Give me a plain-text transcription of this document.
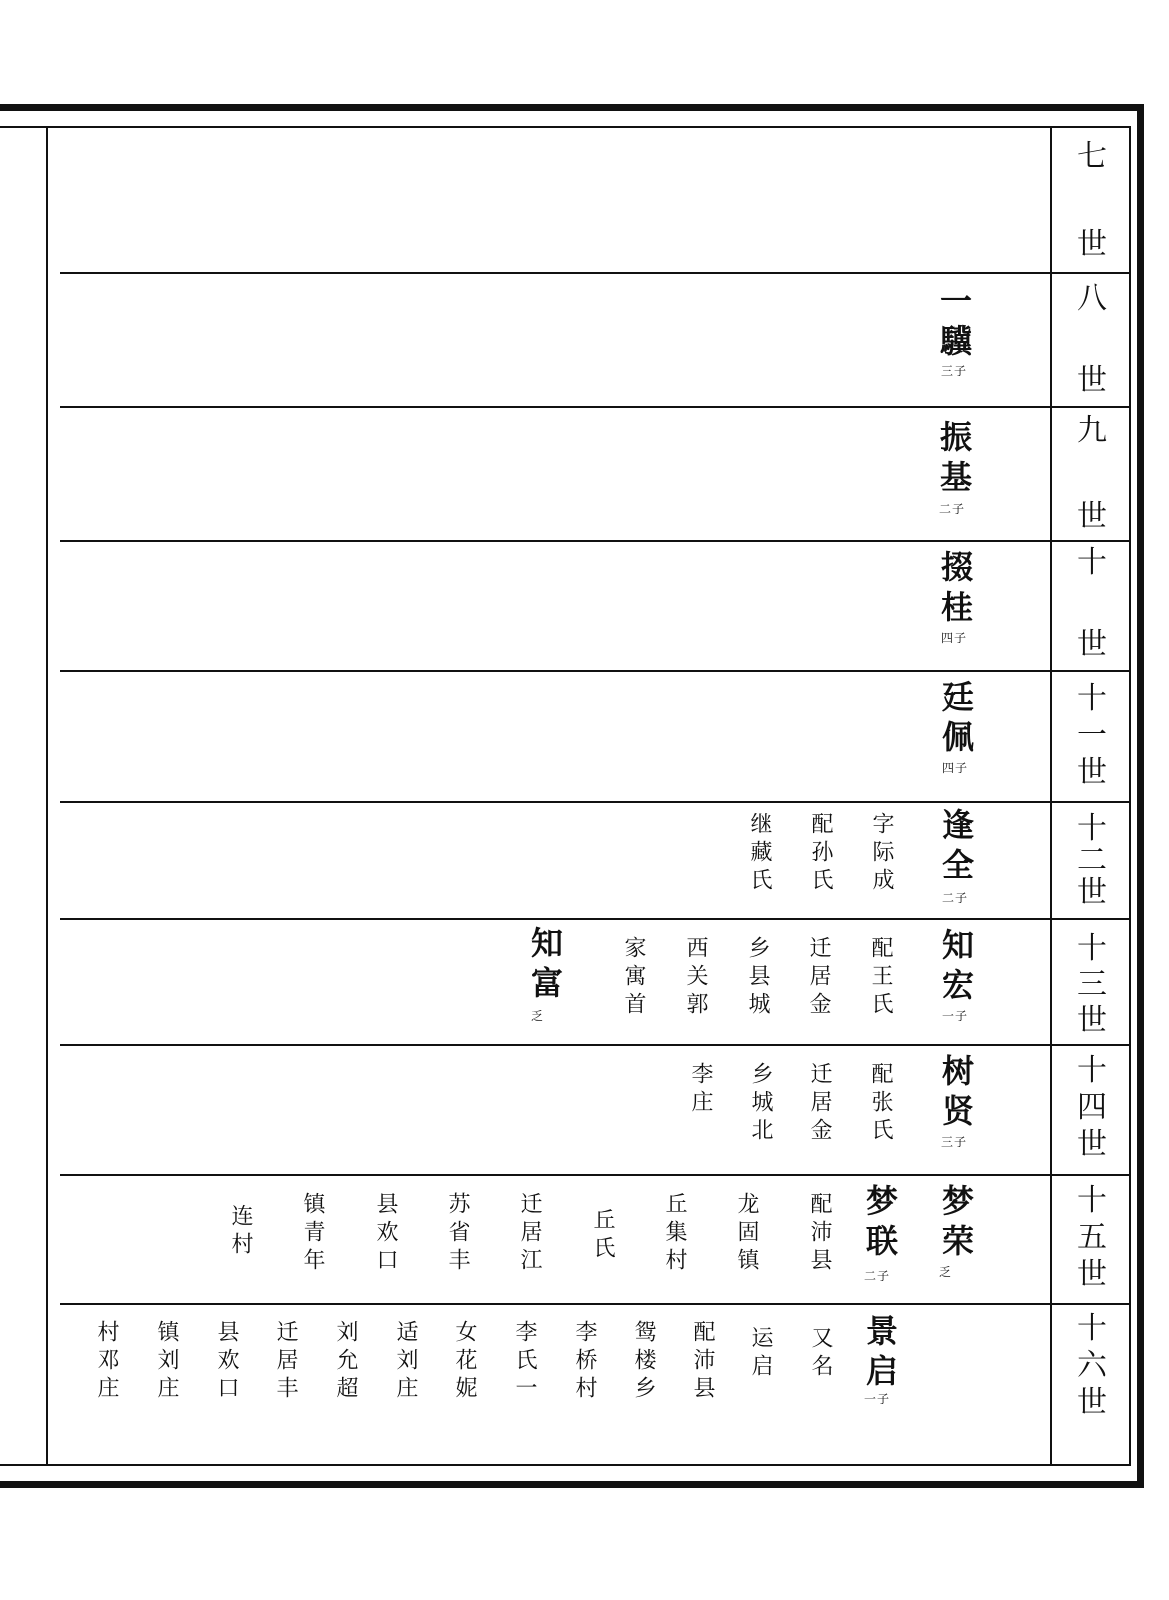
七
世
八
世
九
世
十
世
十
一
世
十
二
世
十
三
世
十
四
世
十
五
世
十
六
世
一驥
三子
振基
二子
掇桂
四子
廷佩
四子
逢全
二子
字际成
配孙氏
继藏氏
知宏
一子
配王氏
迁居金
乡县城
西关郭
家寓首
知富
乏
树贤
三子
配张氏
迁居金
乡城北
李庄
梦荣
乏
梦联
二子
配沛县
龙固镇
丘集村
丘氏
迁居江
苏省丰
县欢口
镇青年
连村
景启
一子
又名
运启
配沛县
鸳楼乡
李桥村
李氏一
女花妮
适刘庄
刘允超
迁居丰
县欢口
镇刘庄
村邓庄
